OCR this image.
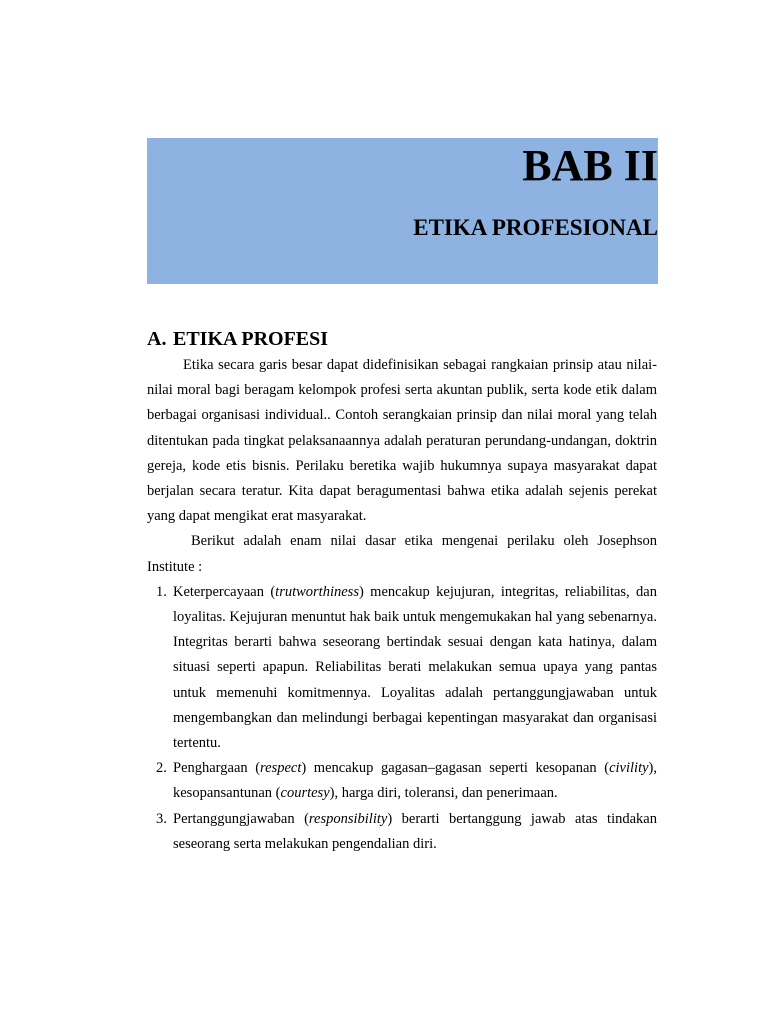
BAB II
ETIKA PROFESIONAL
A. ETIKA PROFESI

Etika secara garis besar dapat didefinisikan sebagai rangkaian prinsip atau nilai-nilai moral bagi beragam kelompok profesi serta akuntan publik, serta kode etik dalam berbagai organisasi individual.. Contoh serangkaian prinsip dan nilai moral yang telah ditentukan pada tingkat pelaksanaannya adalah peraturan perundang-undangan, doktrin gereja, kode etis bisnis. Perilaku beretika wajib hukumnya supaya masyarakat dapat berjalan secara teratur. Kita dapat beragumentasi bahwa etika adalah sejenis perekat yang dapat mengikat erat masyarakat.

Berikut adalah enam nilai dasar etika mengenai perilaku oleh Josephson Institute :

1. Keterpercayaan (trutworthiness) mencakup kejujuran, integritas, reliabilitas, dan loyalitas. Kejujuran menuntut hak baik untuk mengemukakan hal yang sebenarnya. Integritas berarti bahwa seseorang bertindak sesuai dengan kata hatinya, dalam situasi seperti apapun. Reliabilitas berati melakukan semua upaya yang pantas untuk memenuhi komitmennya. Loyalitas adalah pertanggungjawaban untuk mengembangkan dan melindungi berbagai kepentingan masyarakat dan organisasi tertentu.
2. Penghargaan (respect) mencakup gagasan–gagasan seperti kesopanan (civility), kesopansantunan (courtesy), harga diri, toleransi, dan penerimaan.
3. Pertanggungjawaban (responsibility) berarti bertanggung jawab atas tindakan seseorang serta melakukan pengendalian diri.
